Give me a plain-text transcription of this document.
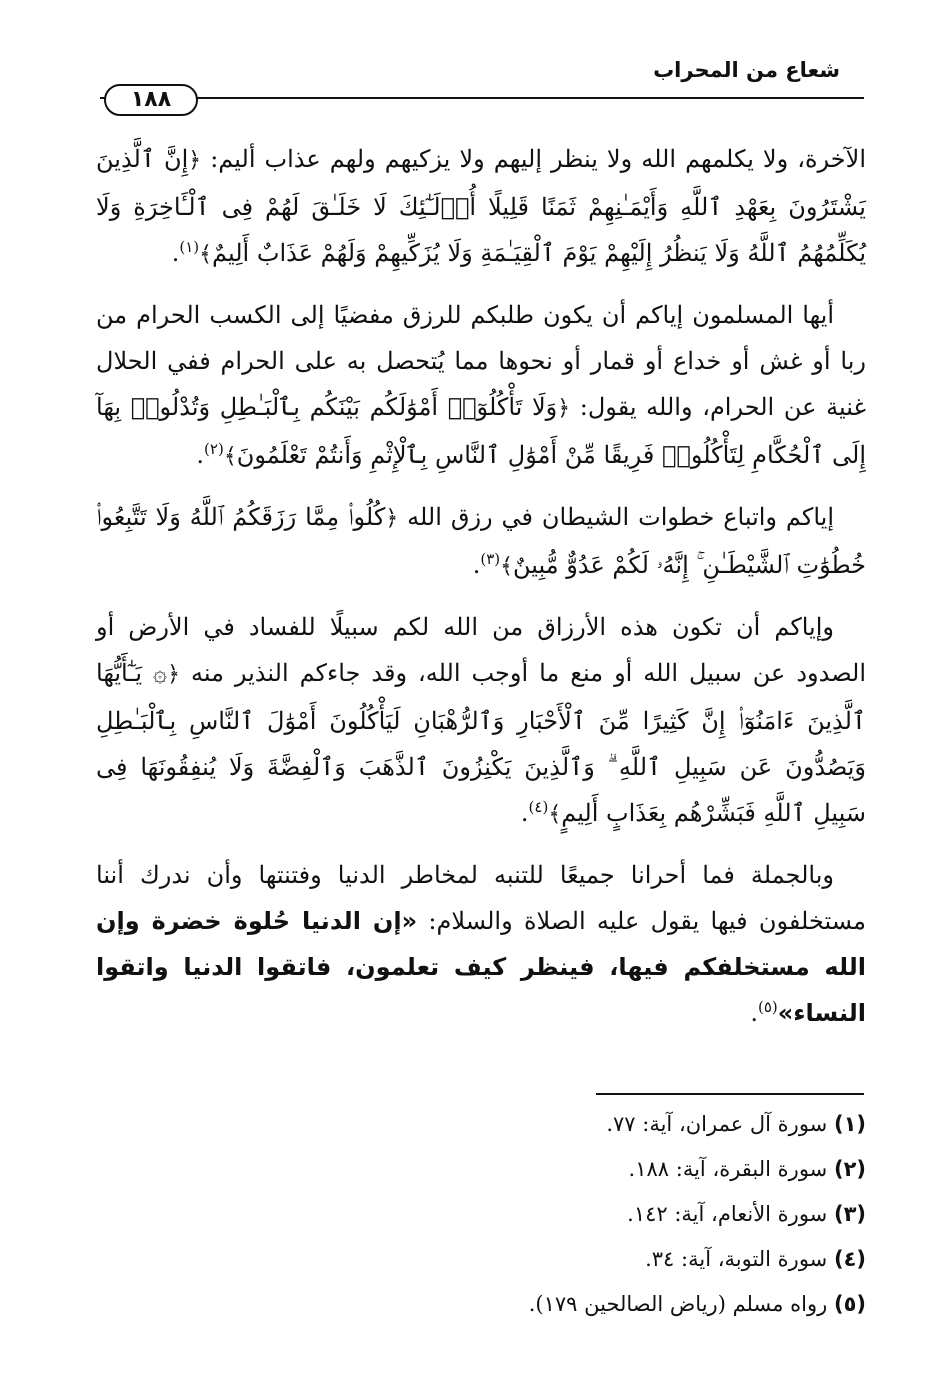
شعاع من المحراب
١٨٨

الآخرة، ولا يكلمهم الله ولا ينظر إليهم ولا يزكيهم ولهم عذاب أليم: ﴿إِنَّ ٱلَّذِينَ يَشْتَرُونَ بِعَهْدِ ٱللَّهِ وَأَيْمَـٰنِهِمْ ثَمَنًا قَلِيلًا أُو۟لَـٰٓئِكَ لَا خَلَـٰقَ لَهُمْ فِى ٱلْـَٔاخِرَةِ وَلَا يُكَلِّمُهُمُ ٱللَّهُ وَلَا يَنظُرُ إِلَيْهِمْ يَوْمَ ٱلْقِيَـٰمَةِ وَلَا يُزَكِّيهِمْ وَلَهُمْ عَذَابٌ أَلِيمٌ﴾$^{(١)}$.

أيها المسلمون إياكم أن يكون طلبكم للرزق مفضيًا إلى الكسب الحرام من ربا أو غش أو خداع أو قمار أو نحوها مما يُتحصل به على الحرام ففي الحلال غنية عن الحرام، والله يقول: ﴿وَلَا تَأْكُلُوٓا۟ أَمْوَٰلَكُم بَيْنَكُم بِٱلْبَـٰطِلِ وَتُدْلُوا۟ بِهَآ إِلَى ٱلْحُكَّامِ لِتَأْكُلُوا۟ فَرِيقًا مِّنْ أَمْوَٰلِ ٱلنَّاسِ بِٱلْإِثْمِ وَأَنتُمْ تَعْلَمُونَ﴾$^{(٢)}$.

إياكم واتباع خطوات الشيطان في رزق الله ﴿كُلُوا۟ مِمَّا رَزَقَكُمُ ٱللَّهُ وَلَا تَتَّبِعُوا۟ خُطُوَٰتِ ٱلشَّيْطَـٰنِ ۚ إِنَّهُۥ لَكُمْ عَدُوٌّ مُّبِينٌ﴾$^{(٣)}$.

وإياكم أن تكون هذه الأرزاق من الله لكم سبيلًا للفساد في الأرض أو الصدود عن سبيل الله أو منع ما أوجب الله، وقد جاءكم النذير منه ﴿۞ يَـٰٓأَيُّهَا ٱلَّذِينَ ءَامَنُوٓا۟ إِنَّ كَثِيرًا مِّنَ ٱلْأَحْبَارِ وَٱلرُّهْبَانِ لَيَأْكُلُونَ أَمْوَٰلَ ٱلنَّاسِ بِٱلْبَـٰطِلِ وَيَصُدُّونَ عَن سَبِيلِ ٱللَّهِ ۗ وَٱلَّذِينَ يَكْنِزُونَ ٱلذَّهَبَ وَٱلْفِضَّةَ وَلَا يُنفِقُونَهَا فِى سَبِيلِ ٱللَّهِ فَبَشِّرْهُم بِعَذَابٍ أَلِيمٍ﴾$^{(٤)}$.

وبالجملة فما أحرانا جميعًا للتنبه لمخاطر الدنيا وفتنتها وأن ندرك أننا مستخلفون فيها يقول عليه الصلاة والسلام: «إن الدنيا حُلوة خضرة وإن الله مستخلفكم فيها، فينظر كيف تعلمون، فاتقوا الدنيا واتقوا النساء»$^{(٥)}$.

(١) سورة آل عمران، آية: ٧٧.
(٢) سورة البقرة، آية: ١٨٨.
(٣) سورة الأنعام، آية: ١٤٢.
(٤) سورة التوبة، آية: ٣٤.
(٥) رواه مسلم (رياض الصالحين ١٧٩).
